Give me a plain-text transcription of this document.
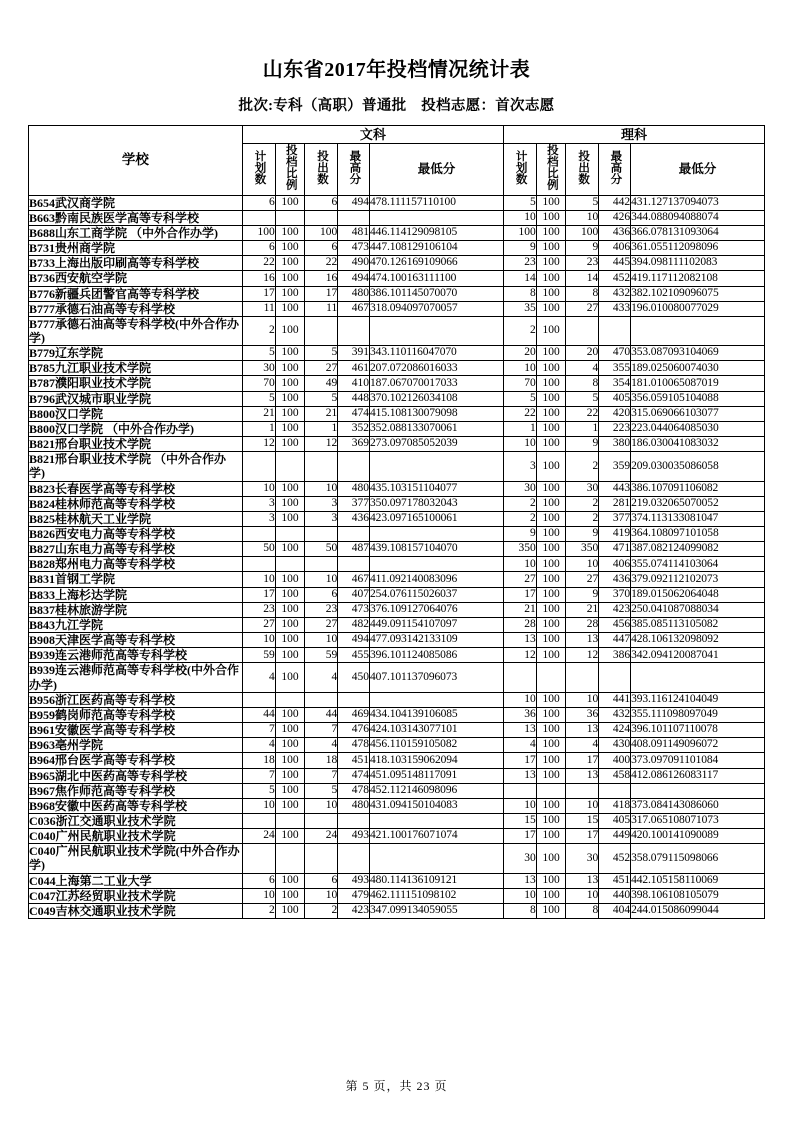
山东省2017年投档情况统计表
批次:专科（高职）普通批　投档志愿：首次志愿
学校	文科					理科				
	计划数	投档比例	投出数	最高分	最低分	计划数	投档比例	投出数	最高分	最低分
B654武汉商学院	6	100	6	494	478.111157110100	5	100	5	442	431.127137094073
B663黔南民族医学高等专科学校						10	100	10	426	344.088094088074
B688山东工商学院 （中外合作办学)	100	100	100	481	446.114129098105	100	100	100	436	366.078131093064
B731贵州商学院	6	100	6	473	447.108129106104	9	100	9	406	361.055112098096
B733上海出版印刷高等专科学校	22	100	22	490	470.126169109066	23	100	23	445	394.098111102083
B736西安航空学院	16	100	16	494	474.100163111100	14	100	14	452	419.117112082108
B776新疆兵团警官高等专科学校	17	100	17	480	386.101145070070	8	100	8	432	382.102109096075
B777承德石油高等专科学校	11	100	11	467	318.094097070057	35	100	27	433	196.010080077029
B777承德石油高等专科学校(中外合作办学)	2	100				2	100			
B779辽东学院	5	100	5	391	343.110116047070	20	100	20	470	353.087093104069
B785九江职业技术学院	30	100	27	461	207.072086016033	10	100	4	355	189.025060074030
B787濮阳职业技术学院	70	100	49	410	187.067070017033	70	100	8	354	181.010065087019
B796武汉城市职业学院	5	100	5	448	370.102126034108	5	100	5	405	356.059105104088
B800汉口学院	21	100	21	474	415.108130079098	22	100	22	420	315.069066103077
B800汉口学院 （中外合作办学)	1	100	1	352	352.088133070061	1	100	1	223	223.044064085030
B821邢台职业技术学院	12	100	12	369	273.097085052039	10	100	9	380	186.030041083032
B821邢台职业技术学院 （中外合作办学)						3	100	2	359	209.030035086058
B823长春医学高等专科学校	10	100	10	480	435.103151104077	30	100	30	443	386.107091106082
B824桂林师范高等专科学校	3	100	3	377	350.097178032043	2	100	2	281	219.032065070052
B825桂林航天工业学院	3	100	3	436	423.097165100061	2	100	2	377	374.113133081047
B826西安电力高等专科学校						9	100	9	419	364.108097101058
B827山东电力高等专科学校	50	100	50	487	439.108157104070	350	100	350	471	387.082124099082
B828郑州电力高等专科学校						10	100	10	406	355.074114103064
B831首钢工学院	10	100	10	467	411.092140083096	27	100	27	436	379.092112102073
B833上海杉达学院	17	100	6	407	254.076115026037	17	100	9	370	189.015062064048
B837桂林旅游学院	23	100	23	473	376.109127064076	21	100	21	423	250.041087088034
B843九江学院	27	100	27	482	449.091154107097	28	100	28	456	385.085113105082
B908天津医学高等专科学校	10	100	10	494	477.093142133109	13	100	13	447	428.106132098092
B939连云港师范高等专科学校	59	100	59	455	396.101124085086	12	100	12	386	342.094120087041
B939连云港师范高等专科学校(中外合作办学)	4	100	4	450	407.101137096073					
B956浙江医药高等专科学校						10	100	10	441	393.116124104049
B959鹤岗师范高等专科学校	44	100	44	469	434.104139106085	36	100	36	432	355.111098097049
B961安徽医学高等专科学校	7	100	7	476	424.103143077101	13	100	13	424	396.101107110078
B963亳州学院	4	100	4	478	456.110159105082	4	100	4	430	408.091149096072
B964邢台医学高等专科学校	18	100	18	451	418.103159062094	17	100	17	400	373.097091101084
B965湖北中医药高等专科学校	7	100	7	474	451.095148117091	13	100	13	458	412.086126083117
B967焦作师范高等专科学校	5	100	5	478	452.112146098096					
B968安徽中医药高等专科学校	10	100	10	480	431.094150104083	10	100	10	418	373.084143086060
C036浙江交通职业技术学院						15	100	15	405	317.065108071073
C040广州民航职业技术学院	24	100	24	493	421.100176071074	17	100	17	449	420.100141090089
C040广州民航职业技术学院(中外合作办学)						30	100	30	452	358.079115098066
C044上海第二工业大学	6	100	6	493	480.114136109121	13	100	13	451	442.105158110069
C047江苏经贸职业技术学院	10	100	10	479	462.111151098102	10	100	10	440	398.106108105079
C049吉林交通职业技术学院	2	100	2	423	347.099134059055	8	100	8	404	244.015086099044
第 5 页，共 23 页
